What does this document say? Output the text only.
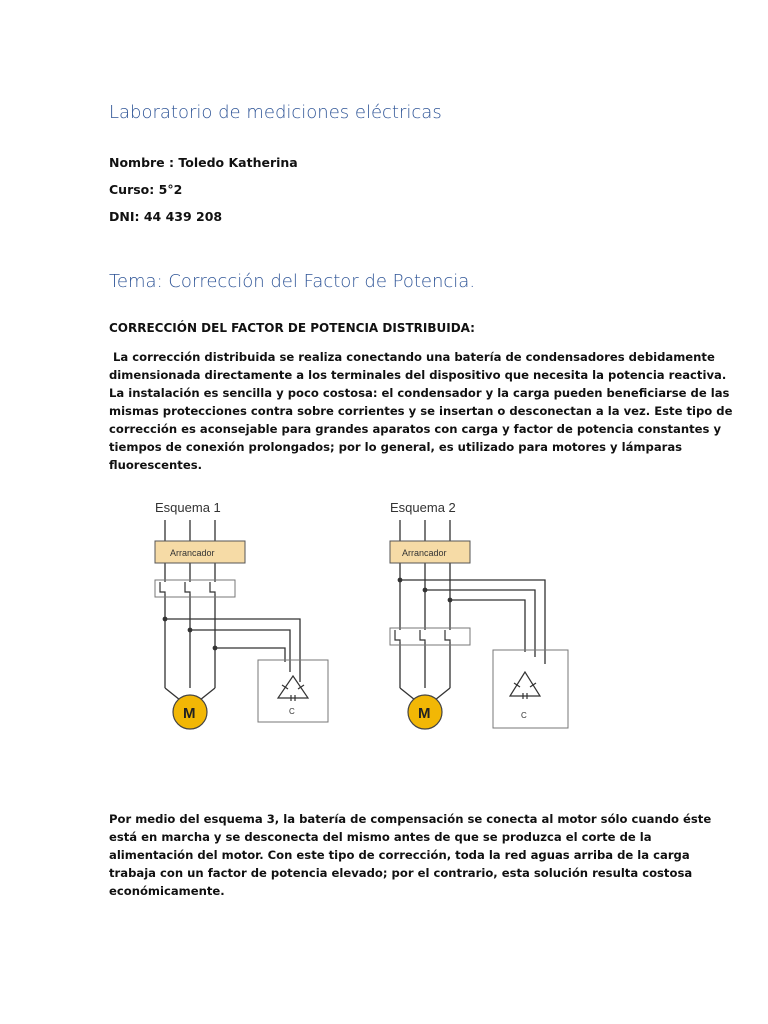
Laboratorio de mediciones eléctricas
Nombre : Toledo Katherina
Curso: 5°2
DNI: 44 439 208
Tema: Corrección del Factor de Potencia.
CORRECCIÓN DEL FACTOR DE POTENCIA DISTRIBUIDA:
La corrección distribuida se realiza conectando una batería de condensadores debidamente
dimensionada directamente a los terminales del dispositivo que necesita la potencia reactiva.
La instalación es sencilla y poco costosa: el condensador y la carga pueden beneficiarse de las
mismas protecciones contra sobre corrientes y se insertan o desconectan a la vez. Este tipo de
corrección es aconsejable para grandes aparatos con carga y factor de potencia constantes y
tiempos de conexión prolongados; por lo general, es utilizado para motores y lámparas
fluorescentes.
Esquema 1
Arrancador
C
M
Esquema 2
Arrancador
C
M
Por medio del esquema 3, la batería de compensación se conecta al motor sólo cuando éste
está en marcha y se desconecta del mismo antes de que se produzca el corte de la
alimentación del motor. Con este tipo de corrección, toda la red aguas arriba de la carga
trabaja con un factor de potencia elevado; por el contrario, esta solución resulta costosa
económicamente.
